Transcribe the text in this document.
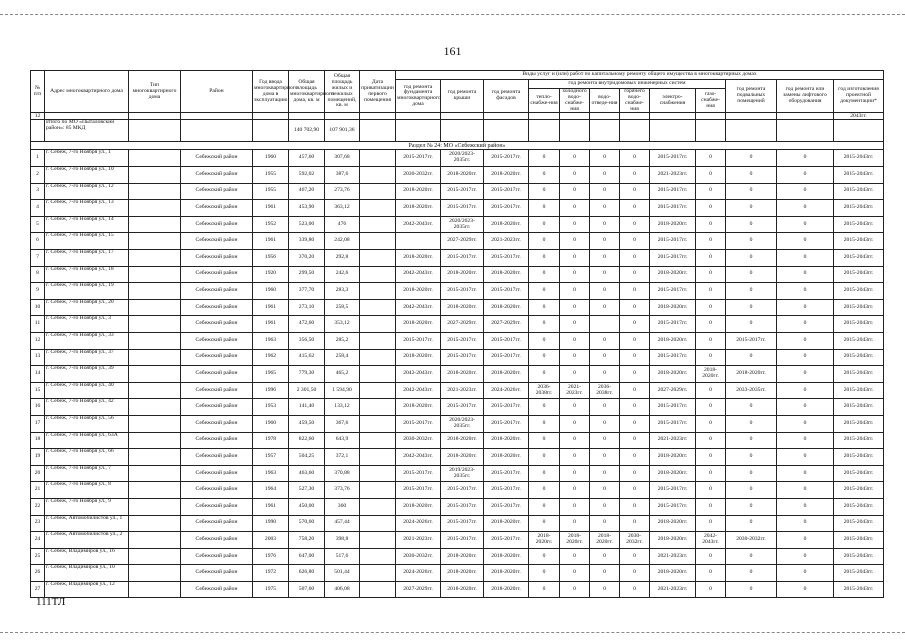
161
№ п/п	Адрес многоквартирного дома	Тип многоквартирного дома	Район	Год ввода многоквартирного дома в эксплуатацию	Общая площадь многоквартирного дома, кв. м	Общая площадь жилых и нежилых помещений, кв. м	Дата приватизации первого помещения	Виды услуг и (или) работ по капитальному ремонту общего имущества в многоквартирных домах											
								год ремонта фундамента многоквартирного дома	год ремонта крыши	год ремонта фасадов	год ремонта внутридомовых инженерных систем						год ремонта подвальных помещений	год ремонта или замены лифтового оборудования	год изготовления проектной документации*
											тепло-снабже-ния	холодного водо-снабже-ния	водо-отведе-ния	горячего водо-снабже-ния	электро-снабжения	газо-снабже-ния			
12																			2043гг.
	Итого по МО «Пыталовский район»: 85 МКД				140 702,90	107 901,36													
Раздел № 24: МО «Себежский район»																			
1	г. Себеж, 7-го Ноября ул., 1		Себежский район	1960	457,60	307,68		2015-2017гг.	2020/2023-2035гг.	2015-2017гг.	0	0	0	0	2015-2017гг.	0	0	0	2015-2043гг.
2	г. Себеж, 7-го Ноября ул., 10		Себежский район	1955	592,02	387,6		2030-2032гг.	2018-2020гг.	2018-2020гг.	0	0	0	0	2021-2023гг.	0	0	0	2015-2043гг.
3	г. Себеж, 7-го Ноября ул., 12		Себежский район	1955	467,20	273,76		2018-2020гг.	2015-2017гг.	2015-2017гг.	0	0	0	0	2015-2017гг.	0	0	0	2015-2043гг.
4	г. Себеж, 7-го Ноября ул., 13		Себежский район	1961	453,90	363,12		2018-2020гг.	2015-2017гг.	2015-2017гг.	0	0	0	0	2015-2017гг.	0	0	0	2015-2043гг.
5	г. Себеж, 7-го Ноября ул., 14		Себежский район	1952	523,00	476		2042-2043гг.	2020/2023-2035гг.	2018-2020гг.	0	0	0	0	2018-2020гг.	0	0	0	2015-2043гг.
6	г. Себеж, 7-го Ноября ул., 15		Себежский район	1961	339,80	242,08			2027-2029гг.	2021-2023гг.	0	0	0	0	2015-2017гг.	0	0	0	2015-2043гг.
7	г. Себеж, 7-го Ноября ул., 17		Себежский район	1956	370,20	292,8		2018-2020гг.	2015-2017гг.	2015-2017гг.	0	0	0	0	2015-2017гг.	0	0	0	2015-2043гг.
8	г. Себеж, 7-го Ноября ул., 18		Себежский район	1920	299,50	242,6		2042-2043гг.	2018-2020гг.	2018-2020гг.	0	0	0	0	2018-2020гг.	0	0	0	2015-2043гг.
9	г. Себеж, 7-го Ноября ул., 19		Себежский район	1960	377,70	283,3		2018-2020гг.	2015-2017гг.	2015-2017гг.	0	0	0	0	2015-2017гг.	0	0	0	2015-2043гг.
10	г. Себеж, 7-го Ноября ул., 20		Себежский район	1961	273,10	258,5		2042-2043гг.	2018-2020гг.	2018-2020гг.	0	0	0	0	2018-2020гг.	0	0	0	2015-2043гг.
11	г. Себеж, 7-го Ноября ул., 3		Себежский район	1961	472,60	353,12		2018-2020гг.	2027-2029гг.	2027-2029гг.	0	0		0	2015-2017гг.	0	0	0	2015-2043гг.
12	г. Себеж, 7-го Ноября ул., 33		Себежский район	1963	356,50	285,2		2015-2017гг.	2015-2017гг.	2015-2017гг.	0	0	0	0	2018-2020гг.	0	2015-2017гг.	0	2015-2043гг.
13	г. Себеж, 7-го Ноября ул., 37		Себежский район	1962	415,62	258,4		2018-2020гг.	2015-2017гг.	2015-2017гг.	0	0	0	0	2015-2017гг.	0	0	0	2015-2043гг.
14	г. Себеж, 7-го Ноября ул., 39		Себежский район	1965	779,30	465,2		2042-2043гг.	2018-2020гг.	2018-2020гг.	0	0	0	0	2018-2020гг.	2018-2020гг.	2018-2020гг.	0	2015-2043гг.
15	г. Себеж, 7-го Ноября ул., 40		Себежский район	1996	2 301,50	1 594,90		2042-2043гг.	2021-2023гг.	2024-2026гг.	2036-2038гг.	2021-2023гг.	2036-2038гг.	0	2027-2029гг.	0	2033-2035гг.	0	2015-2043гг.
16	г. Себеж, 7-го Ноября ул., 42		Себежский район	1953	141,40	133,12		2018-2020гг.	2015-2017гг.	2015-2017гг.	0	0	0	0	2015-2017гг.	0	0	0	2015-2043гг.
17	г. Себеж, 7-го Ноября ул., 56		Себежский район	1960	459,50	367,6		2015-2017гг.	2020/2023-2035гг.	2015-2017гг.	0	0	0	0	2015-2017гг.	0	0	0	2015-2043гг.
18	г. Себеж, 7-го Ноября ул., 63А		Себежский район	1978	822,60	643,9		2030-2032гг.	2018-2020гг.	2018-2020гг.	0	0	0	0	2021-2023гг.	0	0	0	2015-2043гг.
19	г. Себеж, 7-го Ноября ул., 66		Себежский район	1957	504,25	372,1		2042-2043гг.	2018-2020гг.	2018-2020гг.	0	0	0	0	2018-2020гг.	0	0	0	2015-2043гг.
20	г. Себеж, 7-го Ноября ул., 7		Себежский район	1963	463,60	370,88		2015-2017гг.	2019/2023-2035гг.	2015-2017гг.	0	0	0	0	2018-2020гг.	0	0	0	2015-2043гг.
21	г. Себеж, 7-го Ноября ул., 8		Себежский район	1964	527,30	373,76		2015-2017гг.	2015-2017гг.	2015-2017гг.	0	0	0	0	2015-2017гг.	0	0	0	2015-2043гг.
22	г. Себеж, 7-го Ноября ул., 9		Себежский район	1961	450,00	360		2018-2020гг.	2015-2017гг.	2015-2017гг.	0	0	0	0	2015-2017гг.	0	0	0	2015-2043гг.
23	г. Себеж, Автомобилистов ул., 1		Себежский район	1990	570,60	457,44		2024-2026гг.	2015-2017гг.	2018-2020гг.	0	0	0	0	2018-2020гг.	0	0	0	2015-2043гг.
24	г. Себеж, Автомобилистов ул., 2		Себежский район	2003	758,20	398,8		2021-2023гг.	2015-2017гг.	2015-2017гг.	2018-2020гг.	2018-2020гг.	2018-2020гг.	2030-2032гг.	2018-2020гг.	2042-2043гг.	2030-2032гг.	0	2015-2043гг.
25	г. Себеж, Владимиров ул., 16		Себежский район	1976	647,00	517,6		2030-2032гг.	2018-2020гг.	2018-2020гг.	0	0	0	0	2021-2023гг.	0	0	0	2015-2043гг.
26	г. Себеж, Владимиров ул., 10		Себежский район	1972	626,80	501,44		2024-2026гг.	2018-2020гг.	2018-2020гг.	0	0	0	0	2018-2020гг.	0	0	0	2015-2043гг.
27	г. Себеж, Владимиров ул., 12		Себежский район	1975	507,60	406,08		2027-2029гг.	2018-2020гг.	2018-2020гг.	0	0	0	0	2021-2023гг.	0	0	0	2015-2043гг.
111ТЛ
